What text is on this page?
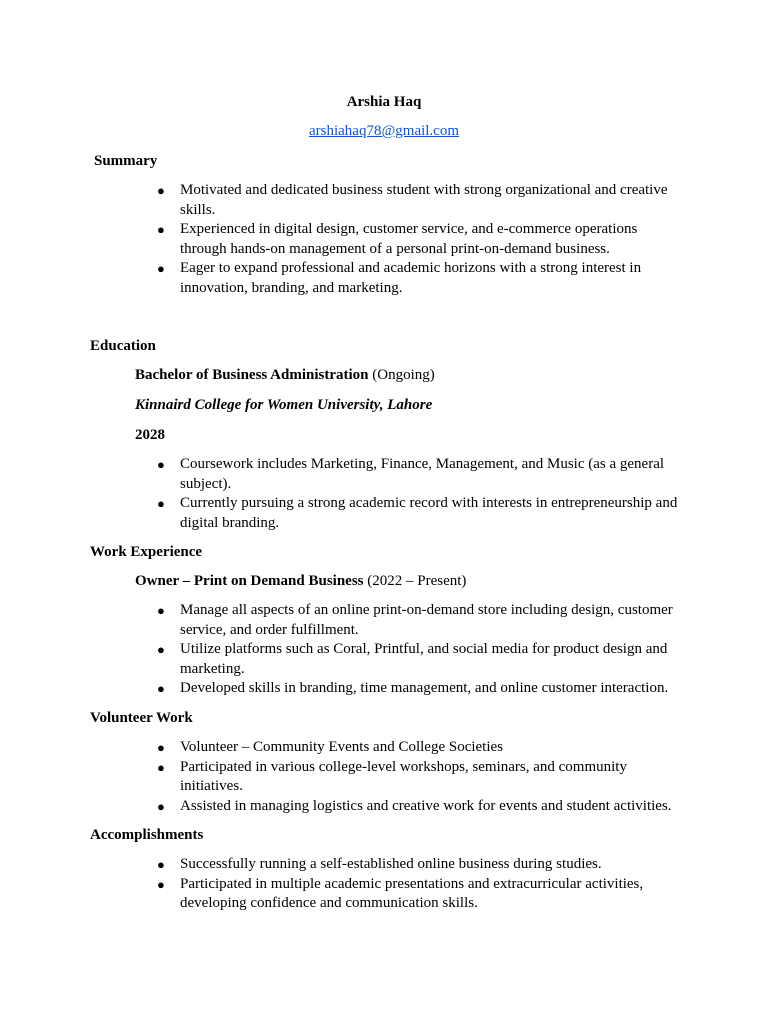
Arshia Haq
arshiahaq78@gmail.com
Summary
● Motivated and dedicated business student with strong organizational and creative skills.
● Experienced in digital design, customer service, and e-commerce operations through hands-on management of a personal print-on-demand business.
● Eager to expand professional and academic horizons with a strong interest in innovation, branding, and marketing.
Education
Bachelor of Business Administration (Ongoing)
Kinnaird College for Women University, Lahore
2028
● Coursework includes Marketing, Finance, Management, and Music (as a general subject).
● Currently pursuing a strong academic record with interests in entrepreneurship and digital branding.
Work Experience
Owner – Print on Demand Business (2022 – Present)
● Manage all aspects of an online print-on-demand store including design, customer service, and order fulfillment.
● Utilize platforms such as Coral, Printful, and social media for product design and marketing.
● Developed skills in branding, time management, and online customer interaction.
Volunteer Work
● Volunteer – Community Events and College Societies
● Participated in various college-level workshops, seminars, and community initiatives.
● Assisted in managing logistics and creative work for events and student activities.
Accomplishments
● Successfully running a self-established online business during studies.
● Participated in multiple academic presentations and extracurricular activities, developing confidence and communication skills.
